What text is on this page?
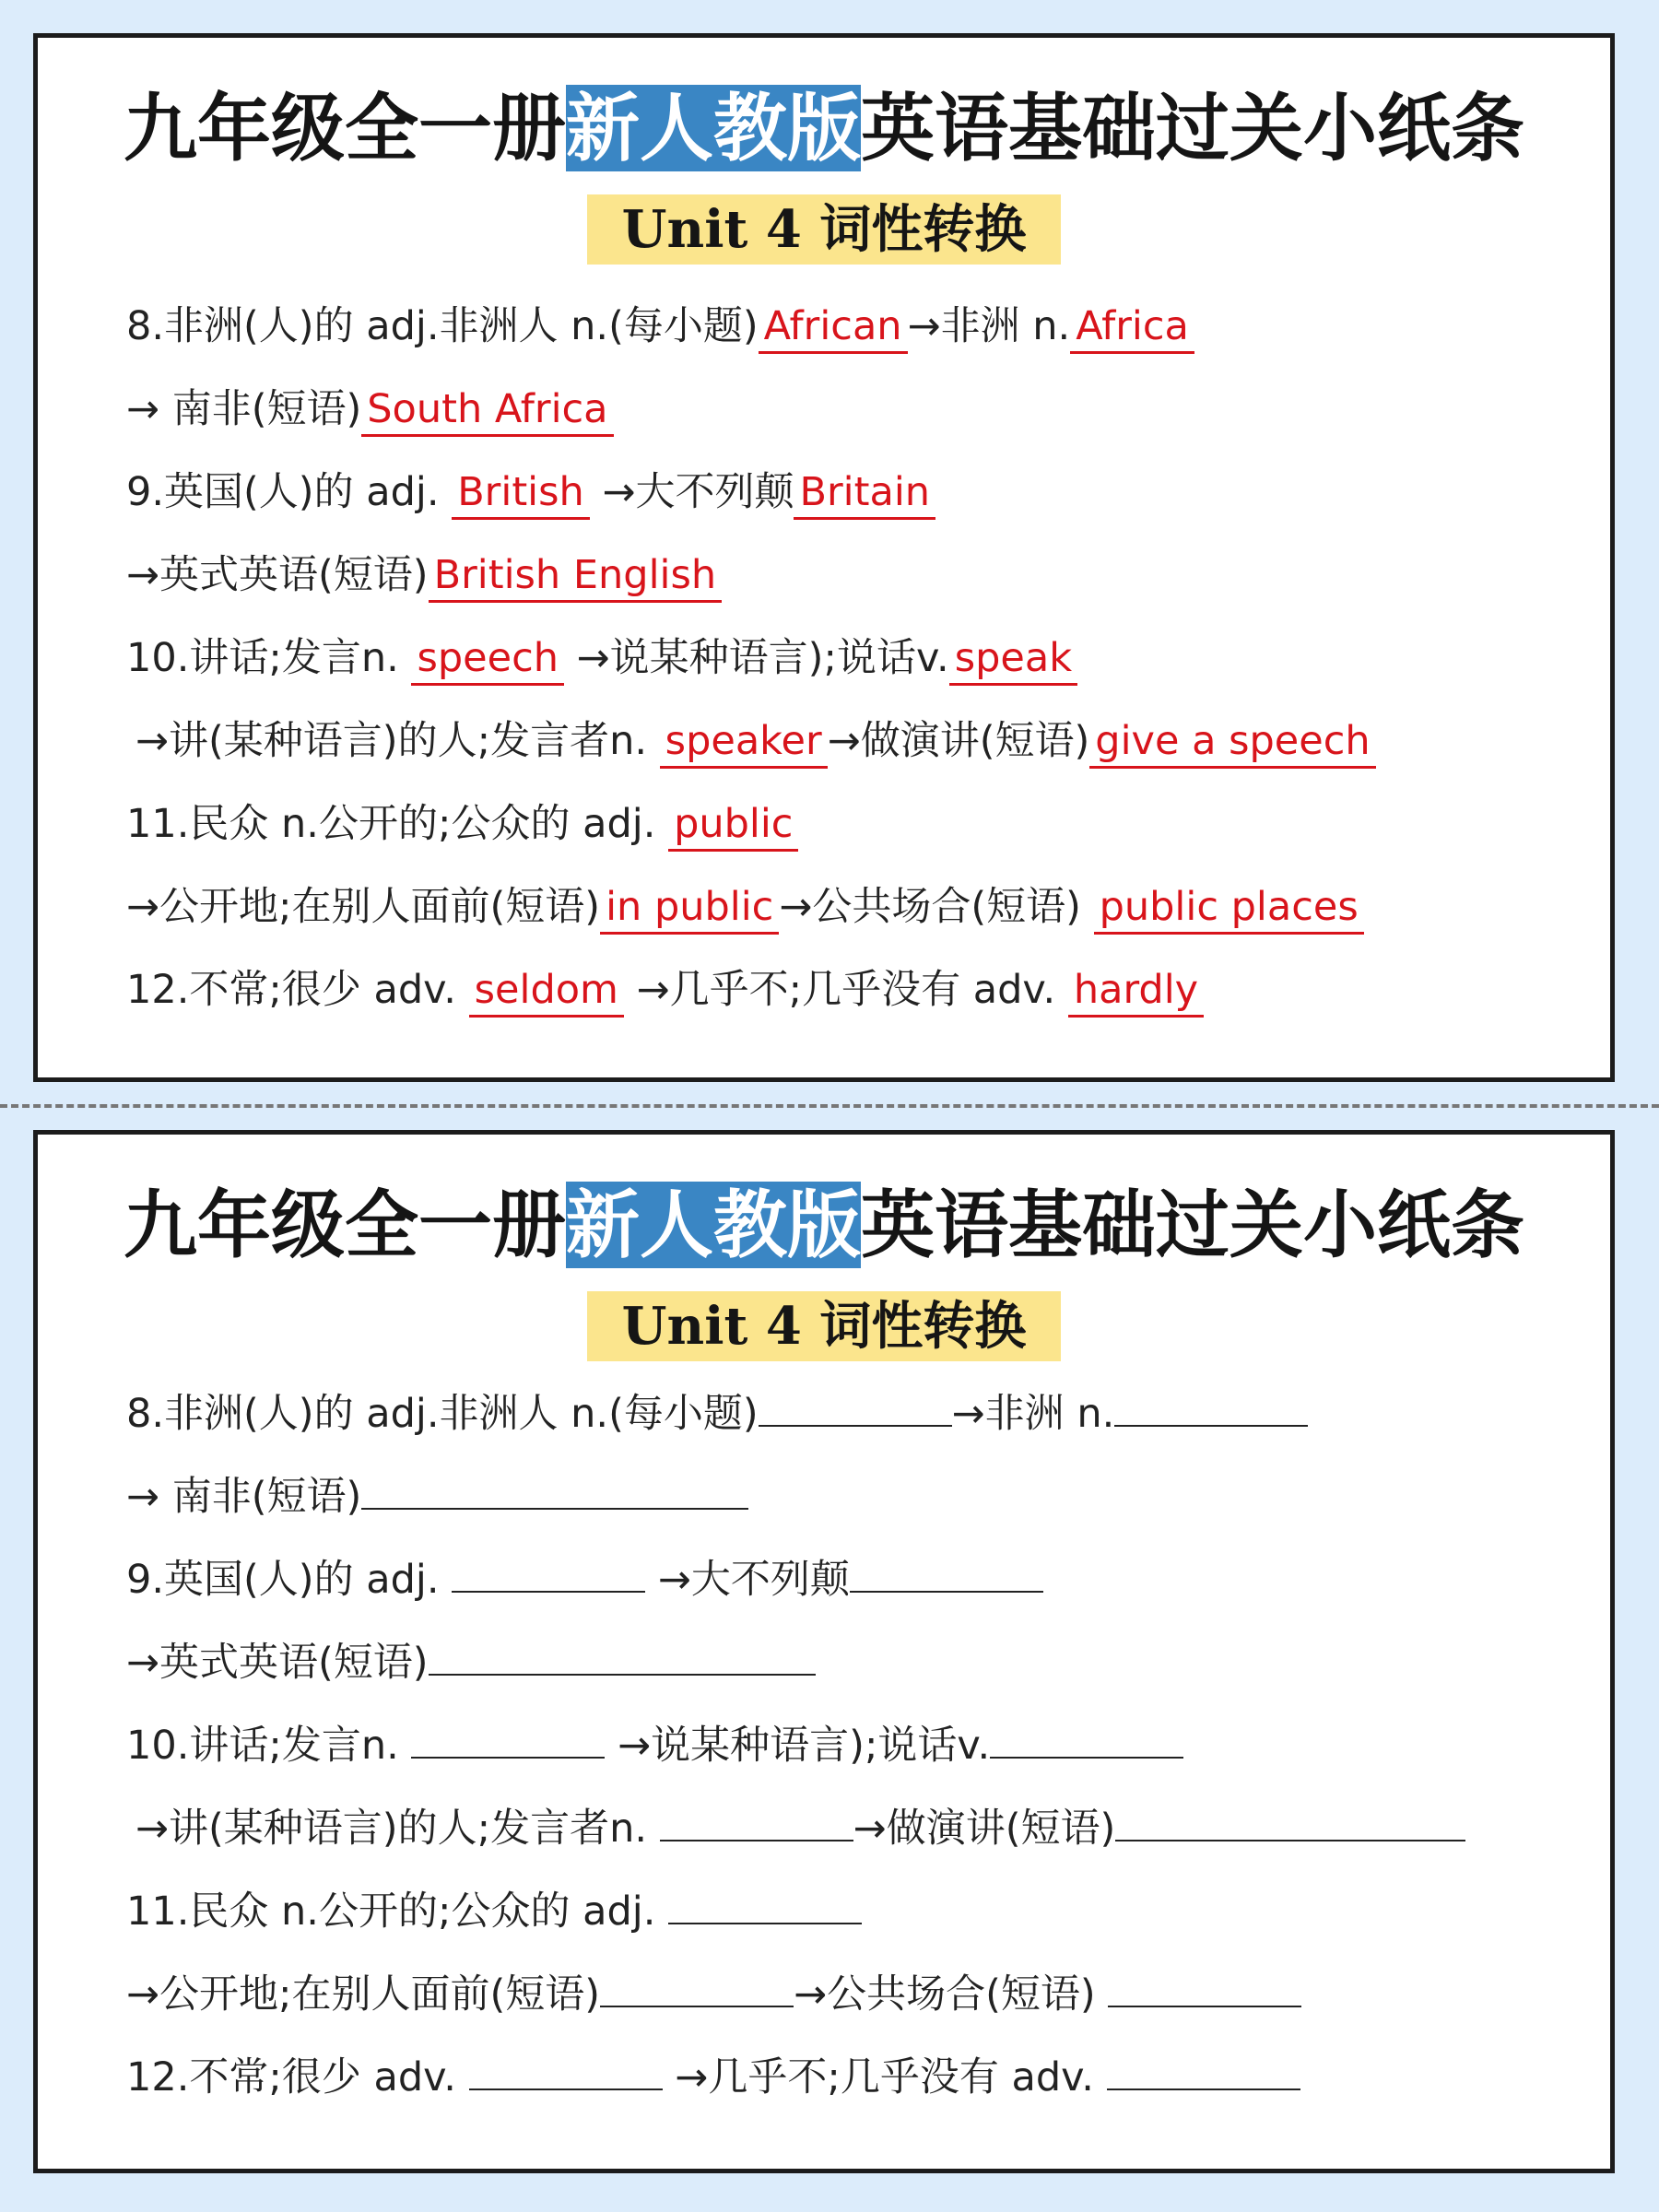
九年级全一册新人教版英语基础过关小纸条
Unit 4 词性转换
8.非洲(人)的 adj.非洲人 n.(每小题) African →非洲 n. Africa
→ 南非(短语) South Africa
9.英国(人)的 adj. British →大不列颠 Britain
→英式英语(短语) British English
10.讲话;发言n. speech →说某种语言);说话v. speak
→讲(某种语言)的人;发言者n. speaker →做演讲(短语) give a speech
11.民众 n.公开的;公众的 adj. public
→公开地;在别人面前(短语) in public →公共场合(短语) public places
12.不常;很少 adv. seldom →几乎不;几乎没有 adv. hardly
九年级全一册新人教版英语基础过关小纸条
Unit 4 词性转换
8.非洲(人)的 adj.非洲人 n.(每小题)	→非洲 n.
→ 南非(短语)
9.英国(人)的 adj.	→大不列颠
→英式英语(短语)
10.讲话;发言n.	→说某种语言);说话v.
→讲(某种语言)的人;发言者n.	→做演讲(短语)
11.民众 n.公开的;公众的 adj.
→公开地;在别人面前(短语)	→公共场合(短语)
12.不常;很少 adv.	→几乎不;几乎没有 adv.
